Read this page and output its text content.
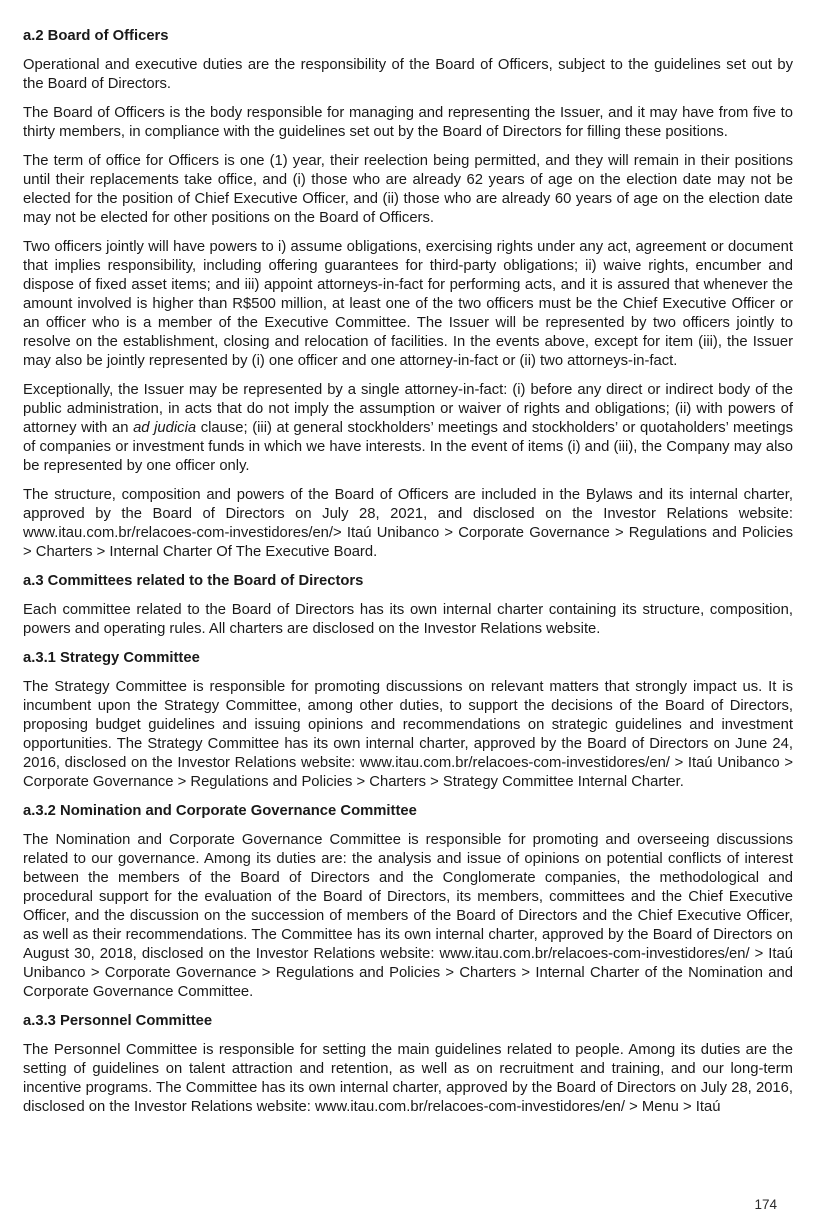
a.2 Board of Officers

Operational and executive duties are the responsibility of the Board of Officers, subject to the guidelines set out by the Board of Directors.

The Board of Officers is the body responsible for managing and representing the Issuer, and it may have from five to thirty members, in compliance with the guidelines set out by the Board of Directors for filling these positions.

The term of office for Officers is one (1) year, their reelection being permitted, and they will remain in their positions until their replacements take office, and (i) those who are already 62 years of age on the election date may not be elected for the position of Chief Executive Officer, and (ii) those who are already 60 years of age on the election date may not be elected for other positions on the Board of Officers.

Two officers jointly will have powers to i) assume obligations, exercising rights under any act, agreement or document that implies responsibility, including offering guarantees for third-party obligations; ii) waive rights, encumber and dispose of fixed asset items; and iii) appoint attorneys-in-fact for performing acts, and it is assured that whenever the amount involved is higher than R$500 million, at least one of the two officers must be the Chief Executive Officer or an officer who is a member of the Executive Committee. The Issuer will be represented by two officers jointly to resolve on the establishment, closing and relocation of facilities. In the events above, except for item (iii), the Issuer may also be jointly represented by (i) one officer and one attorney-in-fact or (ii) two attorneys-in-fact.

Exceptionally, the Issuer may be represented by a single attorney-in-fact: (i) before any direct or indirect body of the public administration, in acts that do not imply the assumption or waiver of rights and obligations; (ii) with powers of attorney with an ad judicia clause; (iii) at general stockholders’ meetings and stockholders’ or quotaholders’ meetings of companies or investment funds in which we have interests. In the event of items (i) and (iii), the Company may also be represented by one officer only.

The structure, composition and powers of the Board of Officers are included in the Bylaws and its internal charter, approved by the Board of Directors on July 28, 2021, and disclosed on the Investor Relations website: www.itau.com.br/relacoes-com-investidores/en/> Itaú Unibanco > Corporate Governance > Regulations and Policies > Charters > Internal Charter Of The Executive Board.

a.3 Committees related to the Board of Directors

Each committee related to the Board of Directors has its own internal charter containing its structure, composition, powers and operating rules. All charters are disclosed on the Investor Relations website.

a.3.1 Strategy Committee

The Strategy Committee is responsible for promoting discussions on relevant matters that strongly impact us. It is incumbent upon the Strategy Committee, among other duties, to support the decisions of the Board of Directors, proposing budget guidelines and issuing opinions and recommendations on strategic guidelines and investment opportunities. The Strategy Committee has its own internal charter, approved by the Board of Directors on June 24, 2016, disclosed on the Investor Relations website: www.itau.com.br/relacoes-com-investidores/en/ > Itaú Unibanco > Corporate Governance > Regulations and Policies > Charters > Strategy Committee Internal Charter.

a.3.2 Nomination and Corporate Governance Committee

The Nomination and Corporate Governance Committee is responsible for promoting and overseeing discussions related to our governance. Among its duties are: the analysis and issue of opinions on potential conflicts of interest between the members of the Board of Directors and the Conglomerate companies, the methodological and procedural support for the evaluation of the Board of Directors, its members, committees and the Chief Executive Officer, and the discussion on the succession of members of the Board of Directors and the Chief Executive Officer, as well as their recommendations. The Committee has its own internal charter, approved by the Board of Directors on August 30, 2018, disclosed on the Investor Relations website: www.itau.com.br/relacoes-com-investidores/en/ > Itaú Unibanco > Corporate Governance > Regulations and Policies > Charters > Internal Charter of the Nomination and Corporate Governance Committee.

a.3.3 Personnel Committee

The Personnel Committee is responsible for setting the main guidelines related to people. Among its duties are the setting of guidelines on talent attraction and retention, as well as on recruitment and training, and our long-term incentive programs. The Committee has its own internal charter, approved by the Board of Directors on July 28, 2016, disclosed on the Investor Relations website: www.itau.com.br/relacoes-com-investidores/en/ > Menu > Itaú

174
